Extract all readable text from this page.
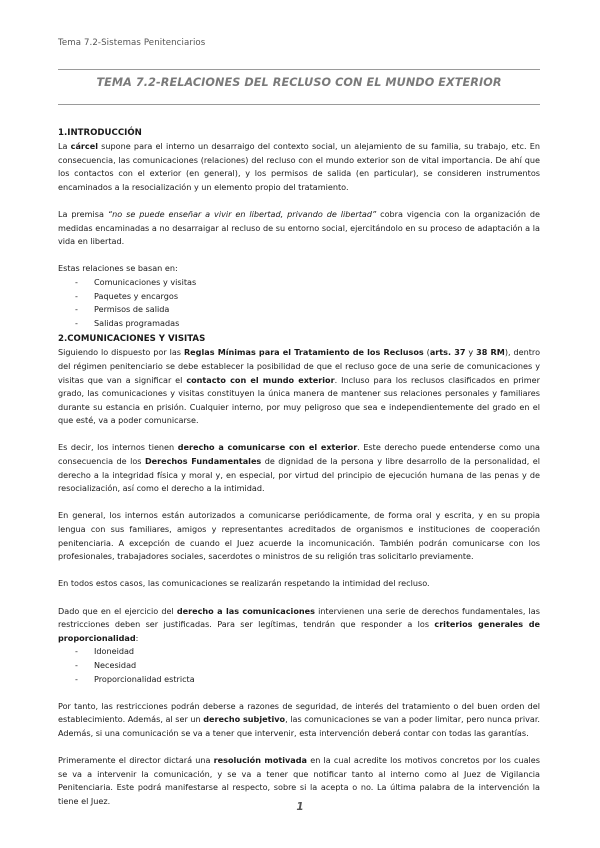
Tema 7.2-Sistemas Penitenciarios
TEMA 7.2-RELACIONES DEL RECLUSO CON EL MUNDO EXTERIOR
1.INTRODUCCIÓN

La cárcel supone para el interno un desarraigo del contexto social, un alejamiento de su familia, su trabajo, etc. En consecuencia, las comunicaciones (relaciones) del recluso con el mundo exterior son de vital importancia. De ahí que los contactos con el exterior (en general), y los permisos de salida (en particular), se consideren instrumentos encaminados a la resocialización y un elemento propio del tratamiento.

La premisa “no se puede enseñar a vivir en libertad, privando de libertad” cobra vigencia con la organización de medidas encaminadas a no desarraigar al recluso de su entorno social, ejercitándolo en su proceso de adaptación a la vida en libertad.

Estas relaciones se basan en:

- Comunicaciones y visitas
- Paquetes y encargos
- Permisos de salida
- Salidas programadas
2.COMUNICACIONES Y VISITAS

Siguiendo lo dispuesto por las Reglas Mínimas para el Tratamiento de los Reclusos (arts. 37 y 38 RM), dentro del régimen penitenciario se debe establecer la posibilidad de que el recluso goce de una serie de comunicaciones y visitas que van a significar el contacto con el mundo exterior. Incluso para los reclusos clasificados en primer grado, las comunicaciones y visitas constituyen la única manera de mantener sus relaciones personales y familiares durante su estancia en prisión. Cualquier interno, por muy peligroso que sea e independientemente del grado en el que esté, va a poder comunicarse.

Es decir, los internos tienen derecho a comunicarse con el exterior. Este derecho puede entenderse como una consecuencia de los Derechos Fundamentales de dignidad de la persona y libre desarrollo de la personalidad, el derecho a la integridad física y moral y, en especial, por virtud del principio de ejecución humana de las penas y de resocialización, así como el derecho a la intimidad.

En general, los internos están autorizados a comunicarse periódicamente, de forma oral y escrita, y en su propia lengua con sus familiares, amigos y representantes acreditados de organismos e instituciones de cooperación penitenciaria. A excepción de cuando el Juez acuerde la incomunicación. También podrán comunicarse con los profesionales, trabajadores sociales, sacerdotes o ministros de su religión tras solicitarlo previamente.

En todos estos casos, las comunicaciones se realizarán respetando la intimidad del recluso.

Dado que en el ejercicio del derecho a las comunicaciones intervienen una serie de derechos fundamentales, las restricciones deben ser justificadas. Para ser legítimas, tendrán que responder a los criterios generales de proporcionalidad:

- Idoneidad
- Necesidad
- Proporcionalidad estricta

Por tanto, las restricciones podrán deberse a razones de seguridad, de interés del tratamiento o del buen orden del establecimiento. Además, al ser un derecho subjetivo, las comunicaciones se van a poder limitar, pero nunca privar. Además, si una comunicación se va a tener que intervenir, esta intervención deberá contar con todas las garantías.

Primeramente el director dictará una resolución motivada en la cual acredite los motivos concretos por los cuales se va a intervenir la comunicación, y se va a tener que notificar tanto al interno como al Juez de Vigilancia Penitenciaria. Este podrá manifestarse al respecto, sobre si la acepta o no. La última palabra de la intervención la tiene el Juez.

1
